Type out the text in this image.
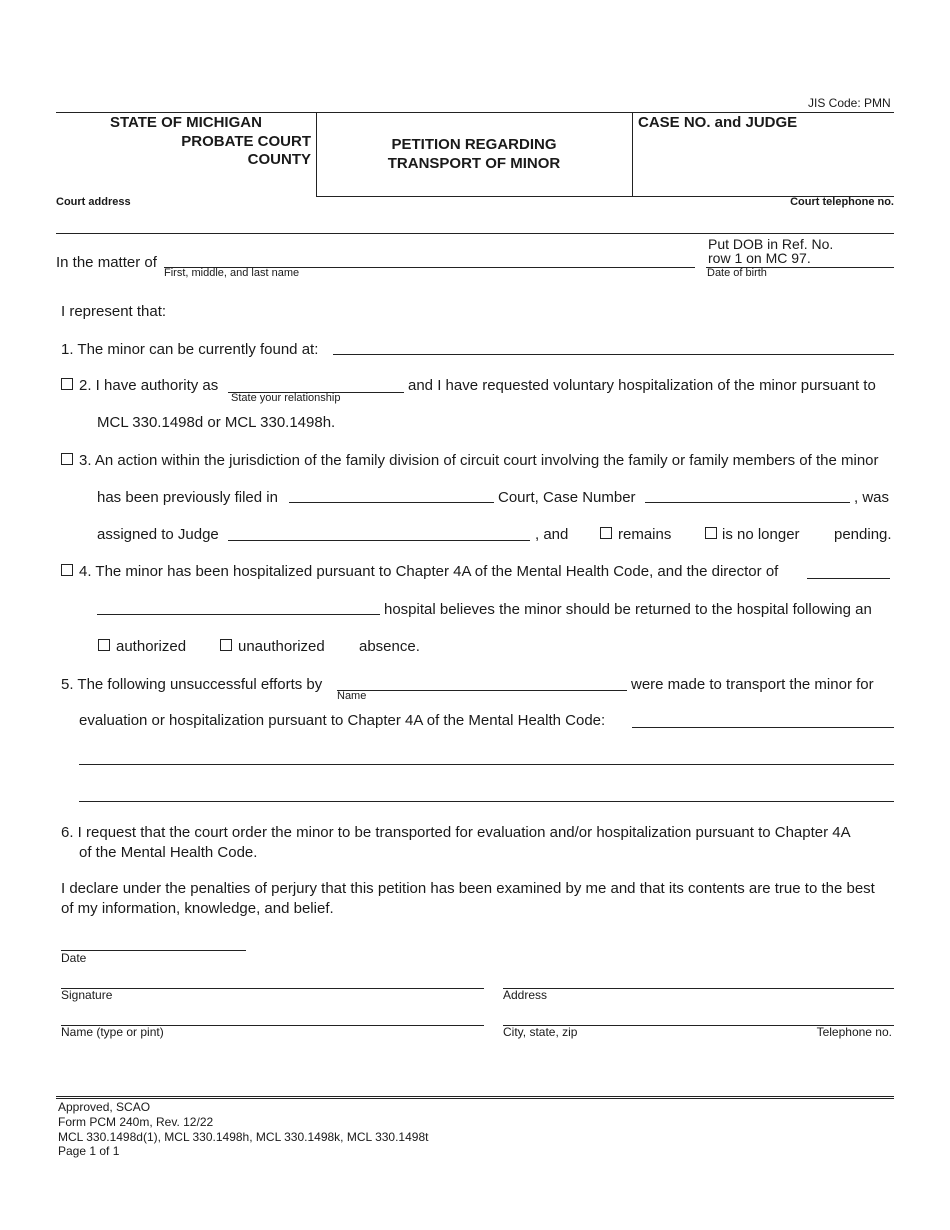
JIS Code: PMN
STATE OF MICHIGAN
PROBATE COURT
COUNTY
PETITION REGARDING
TRANSPORT OF MINOR
CASE NO. and JUDGE
Court address	Court telephone no.
In the matter of
First, middle, and last name
Put DOB in Ref. No.
row 1 on MC 97.
Date of birth
I represent that:
1. The minor can be currently found at:
2. I have authority as
State your relationship
and I have requested voluntary hospitalization of the minor pursuant to
MCL 330.1498d or MCL 330.1498h.
3. An action within the jurisdiction of the family division of circuit court involving the family or family members of the minor
has been previously filed in	Court, Case Number	, was
assigned to Judge	, and	remains	is no longer pending.
4. The minor has been hospitalized pursuant to Chapter 4A of the Mental Health Code, and the director of
hospital believes the minor should be returned to the hospital following an
authorized	unauthorized absence.
5. The following unsuccessful efforts by
Name
were made to transport the minor for
evaluation or hospitalization pursuant to Chapter 4A of the Mental Health Code:
6. I request that the court order the minor to be transported for evaluation and/or hospitalization pursuant to Chapter 4A
of the Mental Health Code.
I declare under the penalties of perjury that this petition has been examined by me and that its contents are true to the best
of my information, knowledge, and belief.
Date
Signature	Address
Name (type or pint)	City, state, zip	Telephone no.
Approved, SCAO
Form PCM 240m, Rev. 12/22
MCL 330.1498d(1), MCL 330.1498h, MCL 330.1498k, MCL 330.1498t
Page 1 of 1
